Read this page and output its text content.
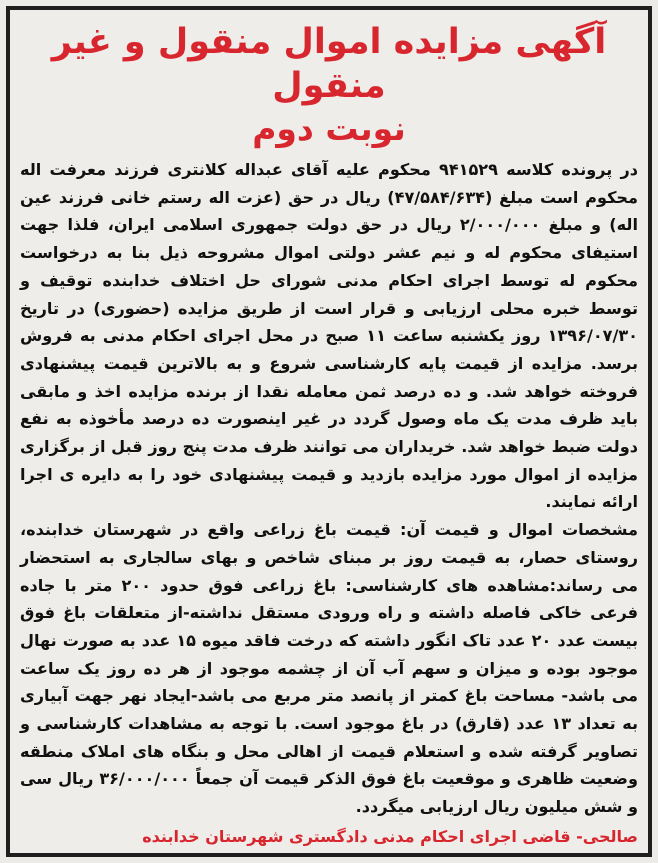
آگهی مزایده اموال منقول و غیر منقول
نوبت دوم

در پرونده کلاسه ۹۴۱۵۲۹ محکوم علیه آقای عبداله کلانتری فرزند معرفت اله محکوم است مبلغ (۴۷/۵۸۴/۶۳۴) ریال در حق (عزت اله رستم خانی فرزند عین اله) و مبلغ ۲/۰۰۰/۰۰۰ ریال در حق دولت جمهوری اسلامی ایران، فلذا جهت استیفای محکوم له و نیم عشر دولتی اموال مشروحه ذیل بنا به درخواست محکوم له توسط اجرای احکام مدنی شورای حل اختلاف خدابنده توقیف و توسط خبره محلی ارزیابی و قرار است از طریق مزایده (حضوری) در تاریخ ۱۳۹۶/۰۷/۳۰ روز یکشنبه ساعت ۱۱ صبح در محل اجرای احکام مدنی به فروش برسد. مزایده از قیمت پایه کارشناسی شروع و به بالاترین قیمت پیشنهادی فروخته خواهد شد. و ده درصد ثمن معامله نقدا از برنده مزایده اخذ و مابقی باید ظرف مدت یک ماه وصول گردد در غیر اینصورت ده درصد مأخوذه به نفع دولت ضبط خواهد شد. خریداران می توانند ظرف مدت پنج روز قبل از برگزاری مزایده از اموال مورد مزایده بازدید و قیمت پیشنهادی خود را به دایره ی اجرا ارائه نمایند.

مشخصات اموال و قیمت آن: قیمت باغ زراعی واقع در شهرستان خدابنده، روستای حصار، به قیمت روز بر مبنای شاخص و بهای سالجاری به استحضار می رساند:مشاهده های کارشناسی: باغ زراعی فوق حدود ۲۰۰ متر با جاده فرعی خاکی فاصله داشته و راه ورودی مستقل نداشته-از متعلقات باغ فوق بیست عدد ۲۰ عدد تاک انگور داشته که درخت فاقد میوه ۱۵ عدد به صورت نهال موجود بوده و میزان و سهم آب آن از چشمه موجود از هر ده روز یک ساعت می باشد- مساحت باغ کمتر از پانصد متر مربع می باشد-ایجاد نهر جهت آبیاری به تعداد ۱۳ عدد (قارق) در باغ موجود است. با توجه به مشاهدات کارشناسی و تصاویر گرفته شده و استعلام قیمت از اهالی محل و بنگاه های املاک منطقه وضعیت ظاهری و موقعیت باغ فوق الذکر قیمت آن جمعاً ۳۶/۰۰۰/۰۰۰ ریال سی و شش میلیون ریال ارزیابی میگردد.

صالحی- قاضی اجرای احکام مدنی دادگستری شهرستان خدابنده
